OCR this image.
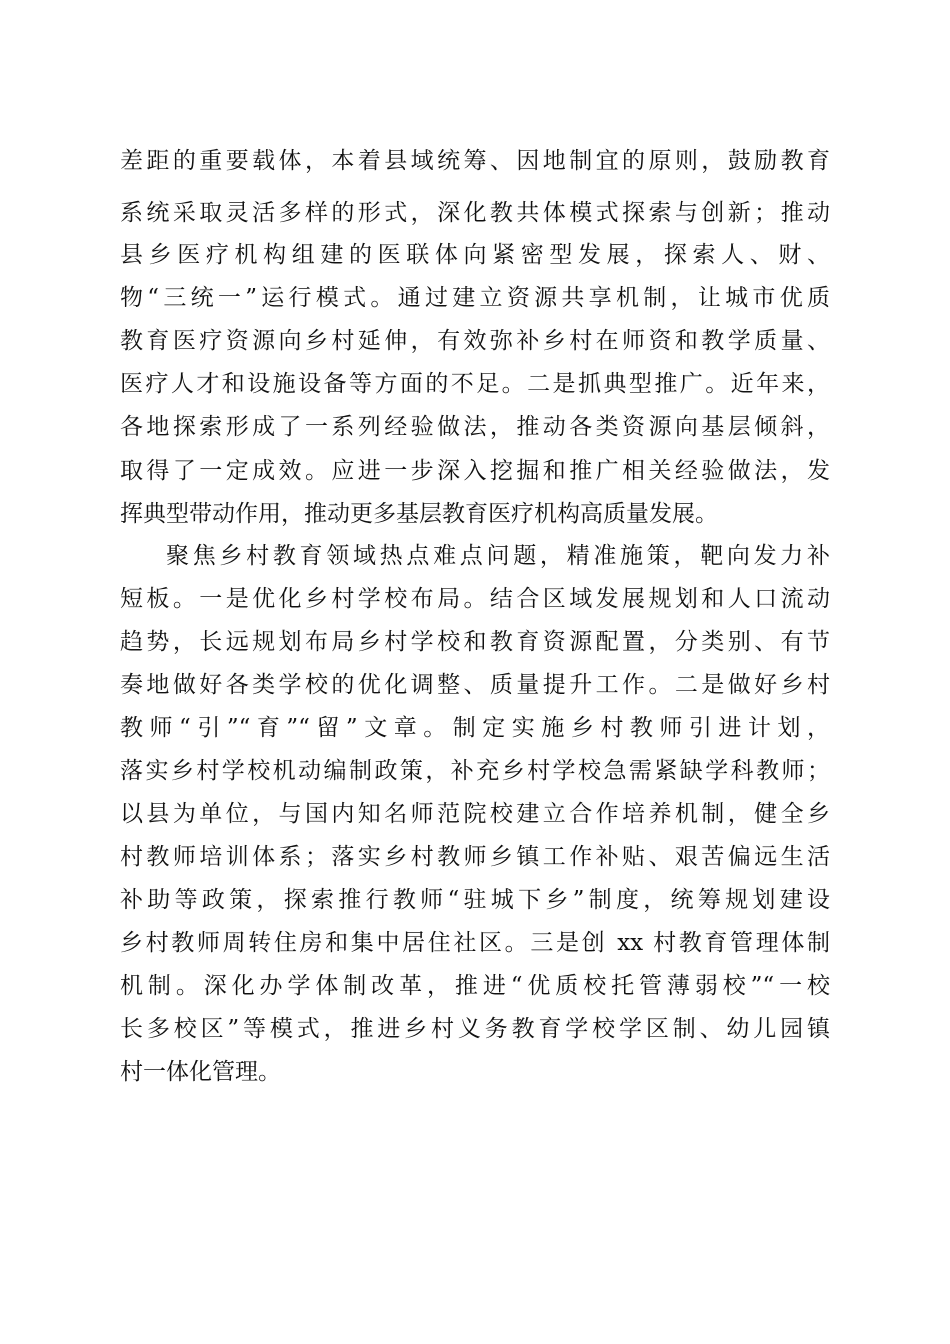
差距的重要载体，本着县域统筹、因地制宜的原则，鼓励教育
系统采取灵活多样的形式，深化教共体模式探索与创新；推动
县乡医疗机构组建的医联体向紧密型发展，探索人、财、
物“三统一”运行模式。通过建立资源共享机制，让城市优质
教育医疗资源向乡村延伸，有效弥补乡村在师资和教学质量、
医疗人才和设施设备等方面的不足。二是抓典型推广。近年来，
各地探索形成了一系列经验做法，推动各类资源向基层倾斜，
取得了一定成效。应进一步深入挖掘和推广相关经验做法，发
挥典型带动作用，推动更多基层教育医疗机构高质量发展。
聚焦乡村教育领域热点难点问题，精准施策，靶向发力补
短板。一是优化乡村学校布局。结合区域发展规划和人口流动
趋势，长远规划布局乡村学校和教育资源配置，分类别、有节
奏地做好各类学校的优化调整、质量提升工作。二是做好乡村
教师“引”“育”“留”文章。制定实施乡村教师引进计划，
落实乡村学校机动编制政策，补充乡村学校急需紧缺学科教师；
以县为单位，与国内知名师范院校建立合作培养机制，健全乡
村教师培训体系；落实乡村教师乡镇工作补贴、艰苦偏远生活
补助等政策，探索推行教师“驻城下乡”制度，统筹规划建设
乡村教师周转住房和集中居住社区。三是创 xx 村教育管理体制
机制。深化办学体制改革，推进“优质校托管薄弱校”“一校
长多校区”等模式，推进乡村义务教育学校学区制、幼儿园镇
村一体化管理。
